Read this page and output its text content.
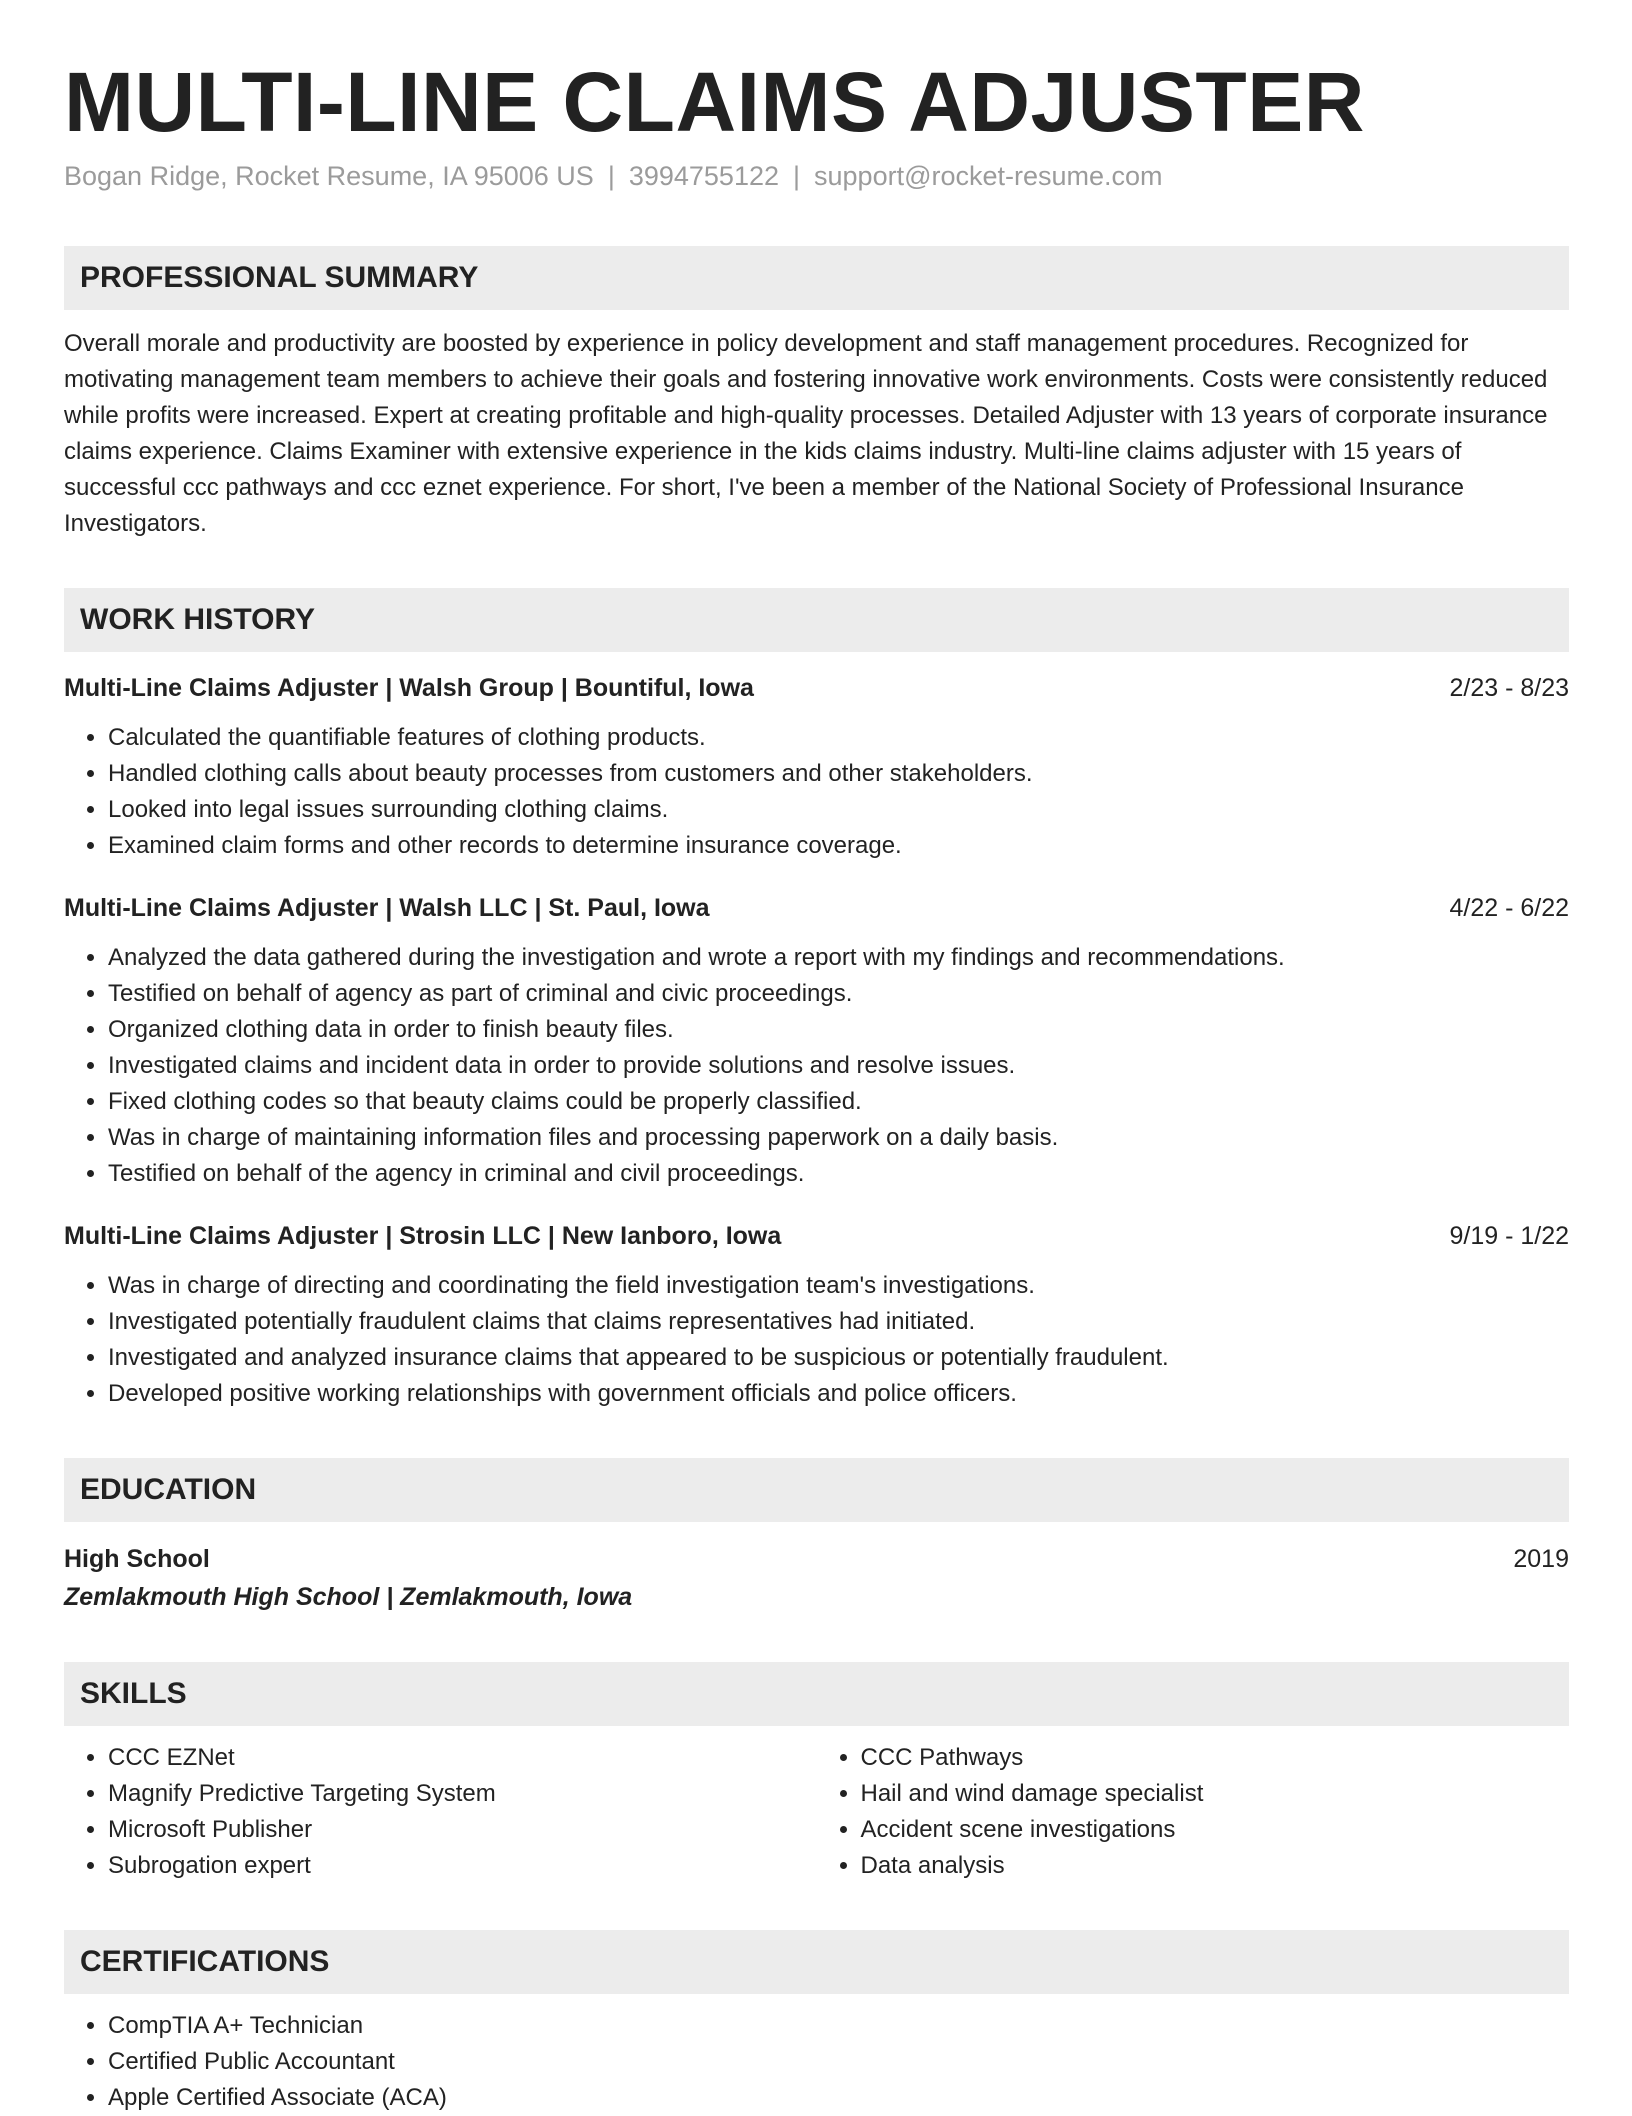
MULTI-LINE CLAIMS ADJUSTER
Bogan Ridge, Rocket Resume, IA 95006 US | 3994755122 | support@rocket-resume.com
PROFESSIONAL SUMMARY
Overall morale and productivity are boosted by experience in policy development and staff management procedures. Recognized for motivating management team members to achieve their goals and fostering innovative work environments. Costs were consistently reduced while profits were increased. Expert at creating profitable and high-quality processes. Detailed Adjuster with 13 years of corporate insurance claims experience. Claims Examiner with extensive experience in the kids claims industry. Multi-line claims adjuster with 15 years of successful ccc pathways and ccc eznet experience. For short, I've been a member of the National Society of Professional Insurance Investigators.
WORK HISTORY
Multi-Line Claims Adjuster | Walsh Group | Bountiful, Iowa	2/23 - 8/23
• Calculated the quantifiable features of clothing products.
• Handled clothing calls about beauty processes from customers and other stakeholders.
• Looked into legal issues surrounding clothing claims.
• Examined claim forms and other records to determine insurance coverage.
Multi-Line Claims Adjuster | Walsh LLC | St. Paul, Iowa	4/22 - 6/22
• Analyzed the data gathered during the investigation and wrote a report with my findings and recommendations.
• Testified on behalf of agency as part of criminal and civic proceedings.
• Organized clothing data in order to finish beauty files.
• Investigated claims and incident data in order to provide solutions and resolve issues.
• Fixed clothing codes so that beauty claims could be properly classified.
• Was in charge of maintaining information files and processing paperwork on a daily basis.
• Testified on behalf of the agency in criminal and civil proceedings.
Multi-Line Claims Adjuster | Strosin LLC | New Ianboro, Iowa	9/19 - 1/22
• Was in charge of directing and coordinating the field investigation team's investigations.
• Investigated potentially fraudulent claims that claims representatives had initiated.
• Investigated and analyzed insurance claims that appeared to be suspicious or potentially fraudulent.
• Developed positive working relationships with government officials and police officers.
EDUCATION
High School	2019
Zemlakmouth High School | Zemlakmouth, Iowa
SKILLS
• CCC EZNet
• Magnify Predictive Targeting System
• Microsoft Publisher
• Subrogation expert
• CCC Pathways
• Hail and wind damage specialist
• Accident scene investigations
• Data analysis
CERTIFICATIONS
• CompTIA A+ Technician
• Certified Public Accountant
• Apple Certified Associate (ACA)
